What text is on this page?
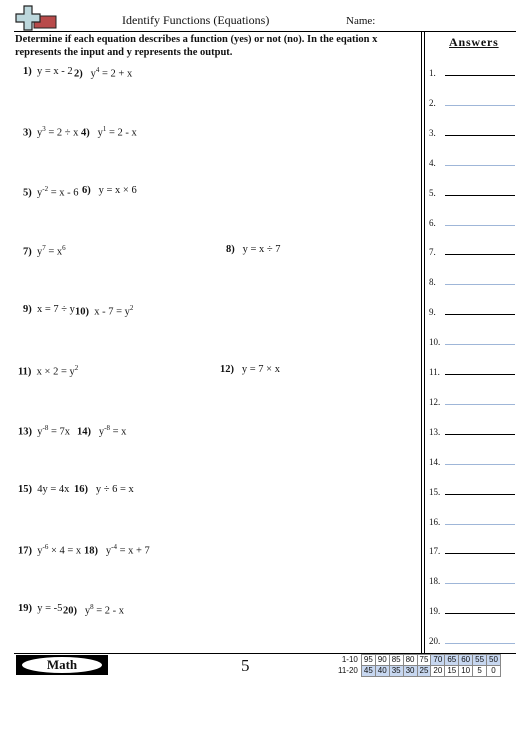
Identify Functions (Equations)	Name:
Determine if each equation describes a function (yes) or not (no). In the eqation x represents the input and y represents the output.
1) y = x - 2 2) $y^4 = 2 + x$
3) $y^3 = 2 \div x$ 4) $y^1 = 2 - x$
5) $y^{-2} = x - 6$ 6) y = x × 6
7) $y^7 = x^6$	8) y = x ÷ 7
9) x = 7 ÷ y 10) $x - 7 = y^2$
11) $x \times 2 = y^2$	12) y = 7 × x
13) $y^{-8} = 7x$ 14) $y^{-8} = x$
15) 4y = 4x 16) y ÷ 6 = x
17) $y^{-6} \times 4 = x$ 18) $y^{-4} = x + 7$
19) y = -5 20) $y^8 = 2 - x$
Answers
1.
2.
3.
4.
5.
6.
7.
8.
9.
10.
11.
12.
13.
14.
15.
16.
17.
18.
19.
20.
Math	5	1-10	95	90	85	80	75	70	65	60	55	50
11-20	45	40	35	30	25	20	15	10	5	0
